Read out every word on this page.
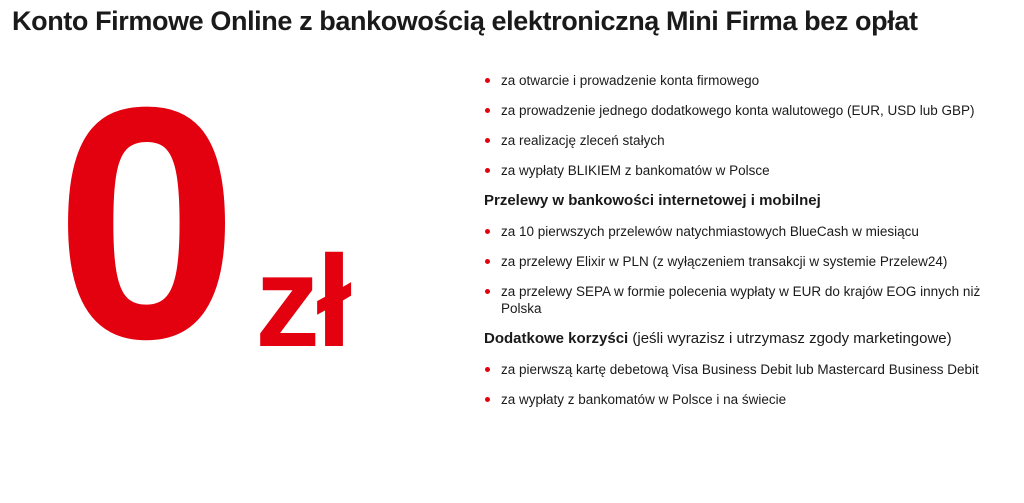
Konto Firmowe Online z bankowością elektroniczną Mini Firma bez opłat
0 zł
za otwarcie i prowadzenie konta firmowego
za prowadzenie jednego dodatkowego konta walutowego (EUR, USD lub GBP)
za realizację zleceń stałych
za wypłaty BLIKIEM z bankomatów w Polsce
Przelewy w bankowości internetowej i mobilnej
za 10 pierwszych przelewów natychmiastowych BlueCash w miesiącu
za przelewy Elixir w PLN (z wyłączeniem transakcji w systemie Przelew24)
za przelewy SEPA w formie polecenia wypłaty w EUR do krajów EOG innych niż Polska
Dodatkowe korzyści (jeśli wyrazisz i utrzymasz zgody marketingowe)
za pierwszą kartę debetową Visa Business Debit lub Mastercard Business Debit
za wypłaty z bankomatów w Polsce i na świecie
